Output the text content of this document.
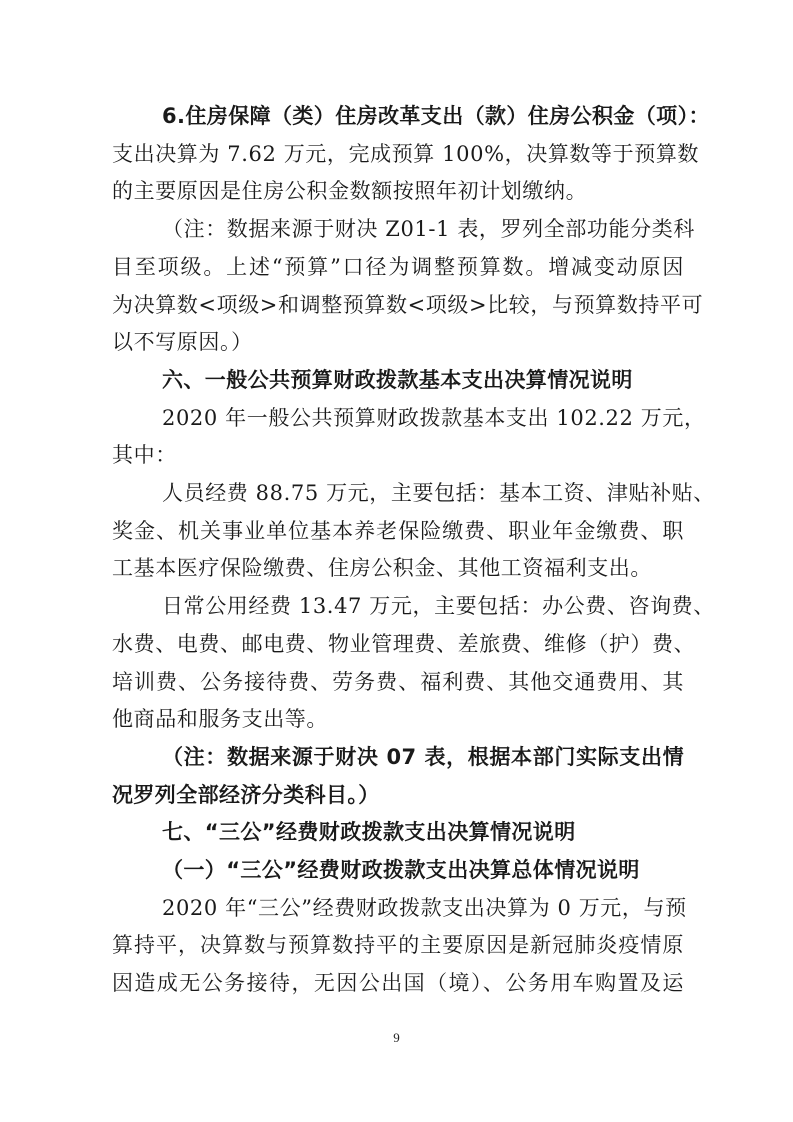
6.住房保障（类）住房改革支出（款）住房公积金（项）：
支出决算为 7.62 万元，完成预算 100%，决算数等于预算数
的主要原因是住房公积金数额按照年初计划缴纳。
（注：数据来源于财决 Z01-1 表，罗列全部功能分类科
目至项级。上述“预算”口径为调整预算数。增减变动原因
为决算数<项级>和调整预算数<项级>比较，与预算数持平可
以不写原因。）
六、一般公共预算财政拨款基本支出决算情况说明
2020 年一般公共预算财政拨款基本支出 102.22 万元，
其中：
人员经费 88.75 万元，主要包括：基本工资、津贴补贴、
奖金、机关事业单位基本养老保险缴费、职业年金缴费、职
工基本医疗保险缴费、住房公积金、其他工资福利支出。
日常公用经费 13.47 万元，主要包括：办公费、咨询费、
水费、电费、邮电费、物业管理费、差旅费、维修（护）费、
培训费、公务接待费、劳务费、福利费、其他交通费用、其
他商品和服务支出等。
（注：数据来源于财决 07 表，根据本部门实际支出情
况罗列全部经济分类科目。）
七、“三公”经费财政拨款支出决算情况说明
（一）“三公”经费财政拨款支出决算总体情况说明
2020 年“三公”经费财政拨款支出决算为 0 万元，与预
算持平，决算数与预算数持平的主要原因是新冠肺炎疫情原
因造成无公务接待，无因公出国（境）、公务用车购置及运
9
